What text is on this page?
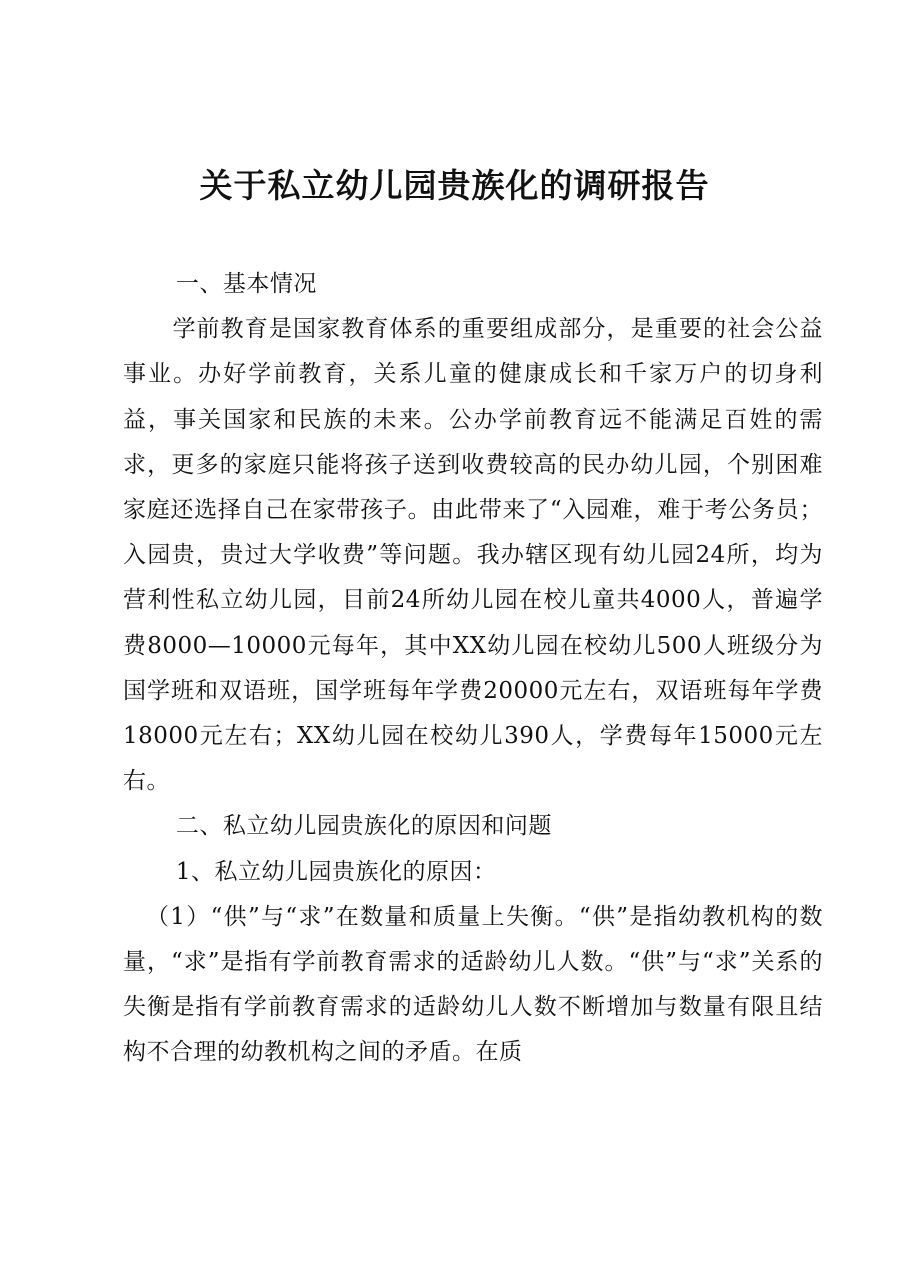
关于私立幼儿园贵族化的调研报告

一、基本情况

学前教育是国家教育体系的重要组成部分，是重要的社会公益事业。办好学前教育，关系儿童的健康成长和千家万户的切身利益，事关国家和民族的未来。公办学前教育远不能满足百姓的需求，更多的家庭只能将孩子送到收费较高的民办幼儿园，个别困难家庭还选择自己在家带孩子。由此带来了“入园难，难于考公务员；入园贵，贵过大学收费”等问题。我办辖区现有幼儿园24所，均为营利性私立幼儿园，目前24所幼儿园在校儿童共4000人，普遍学费8000—10000元每年，其中XX幼儿园在校幼儿500人班级分为国学班和双语班，国学班每年学费20000元左右，双语班每年学费18000元左右；XX幼儿园在校幼儿390人，学费每年15000元左右。

二、私立幼儿园贵族化的原因和问题

1、私立幼儿园贵族化的原因：

（1）“供”与“求”在数量和质量上失衡。“供”是指幼教机构的数量，“求”是指有学前教育需求的适龄幼儿人数。“供”与“求”关系的失衡是指有学前教育需求的适龄幼儿人数不断增加与数量有限且结构不合理的幼教机构之间的矛盾。在质
